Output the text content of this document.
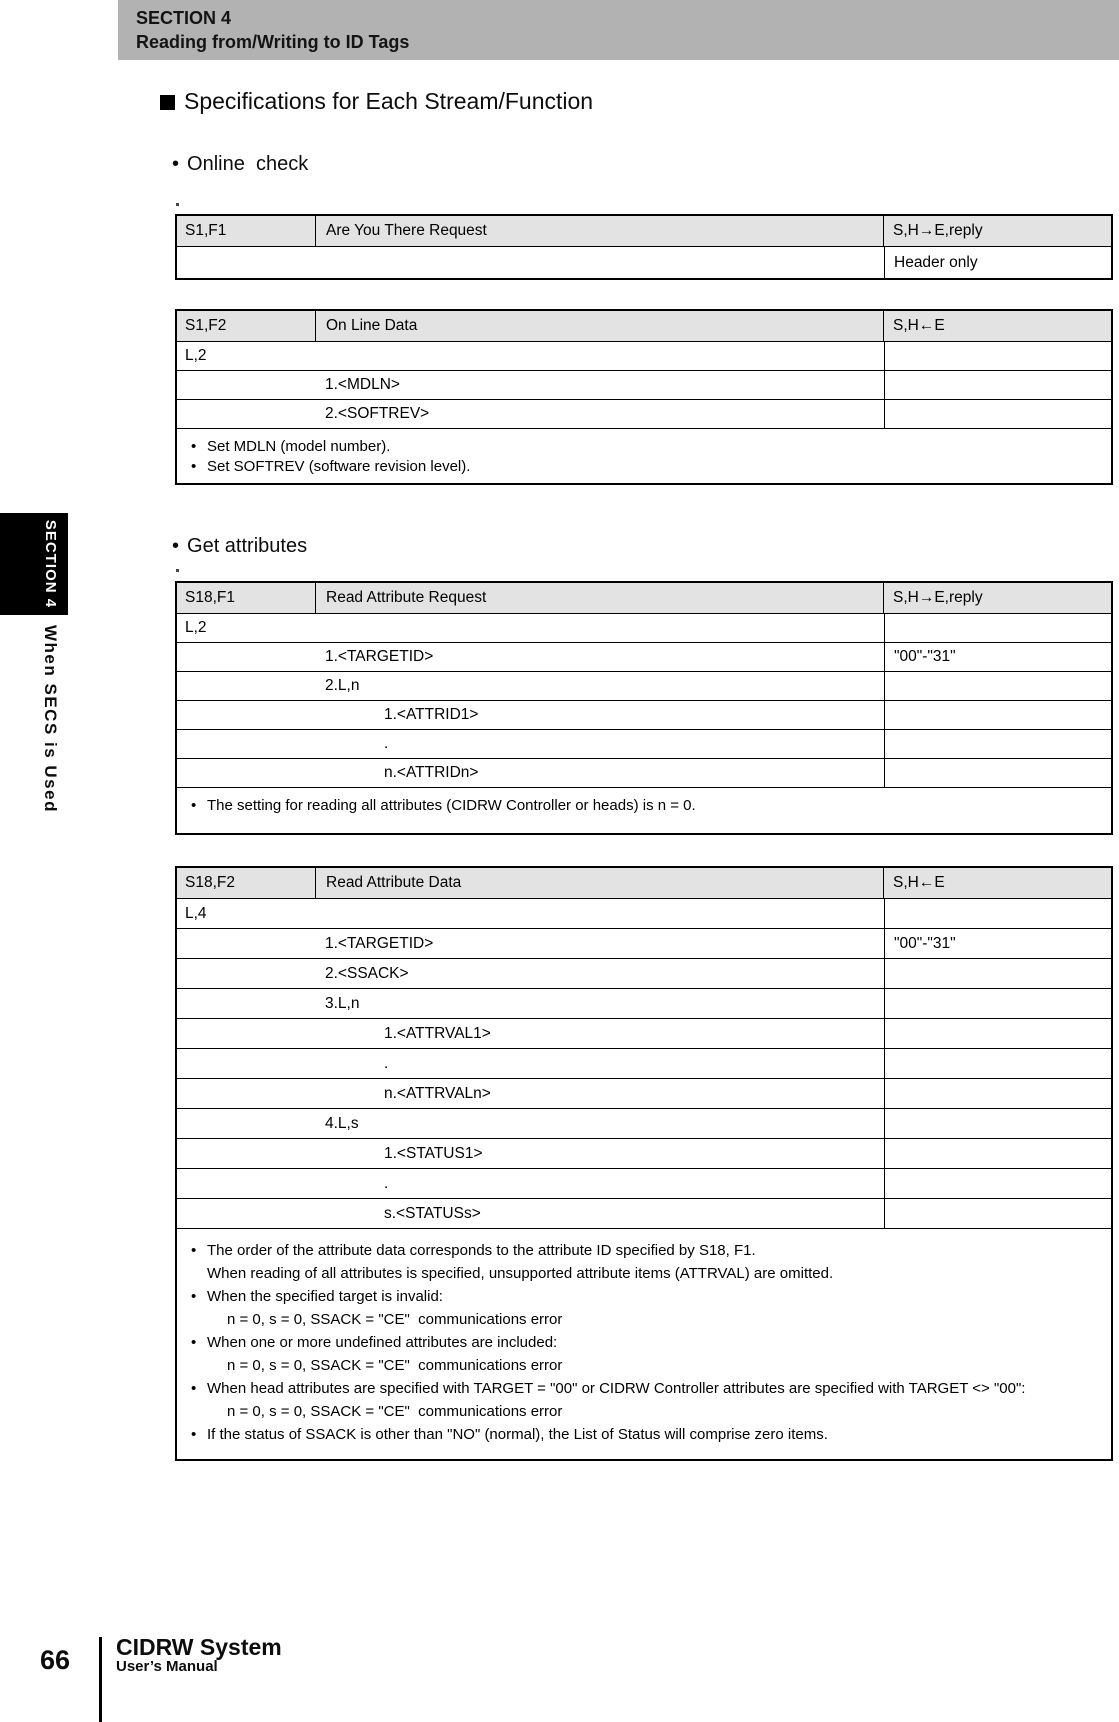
SECTION 4
Reading from/Writing to ID Tags
Specifications for Each Stream/Function
• Online  check
• Get attributes
S1,F1	Are You There Request	S,H→E,reply
Header only
S1,F2	On Line Data	S,H←E
L,2
1.<MDLN>
2.<SOFTREV>
• Set MDLN (model number).
• Set SOFTREV (software revision level).
S18,F1	Read Attribute Request	S,H→E,reply
L,2
1.<TARGETID>	"00"-"31"
2.L,n
1.<ATTRID1>
.
n.<ATTRIDn>
• The setting for reading all attributes (CIDRW Controller or heads) is n = 0.
S18,F2	Read Attribute Data	S,H←E
L,4
1.<TARGETID>	"00"-"31"
2.<SSACK>
3.L,n
1.<ATTRVAL1>
.
n.<ATTRVALn>
4.L,s
1.<STATUS1>
.
s.<STATUSs>
• The order of the attribute data corresponds to the attribute ID specified by S18, F1.
When reading of all attributes is specified, unsupported attribute items (ATTRVAL) are omitted.
• When the specified target is invalid:
n = 0, s = 0, SSACK = "CE"  communications error
• When one or more undefined attributes are included:
n = 0, s = 0, SSACK = "CE"  communications error
• When head attributes are specified with TARGET = "00" or CIDRW Controller attributes are specified with TARGET <> "00":
n = 0, s = 0, SSACK = "CE"  communications error
• If the status of SSACK is other than "NO" (normal), the List of Status will comprise zero items.
SECTION 4
When SECS is Used
66	CIDRW System
User’s Manual
